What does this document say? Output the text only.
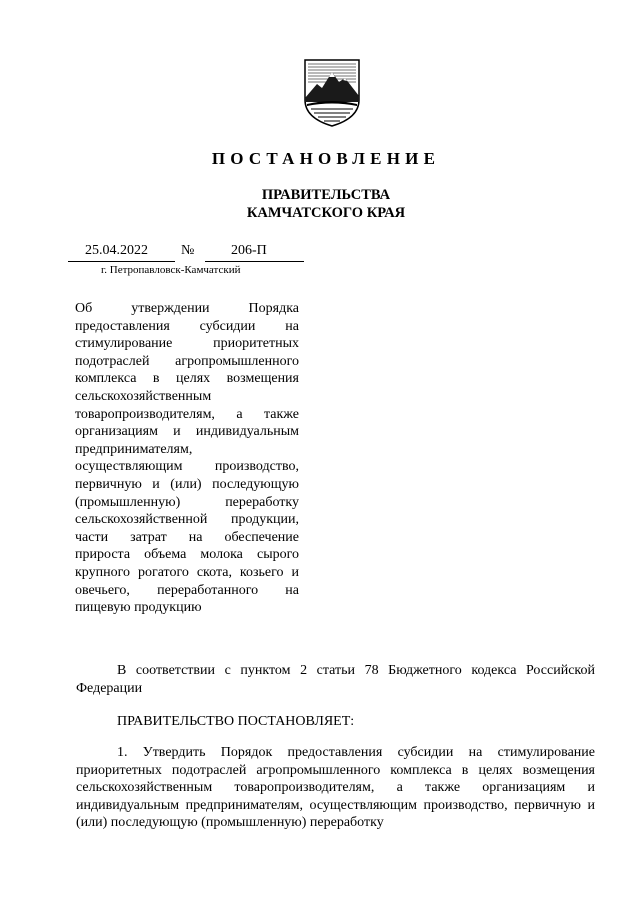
ПОСТАНОВЛЕНИЕ
ПРАВИТЕЛЬСТВА
КАМЧАТСКОГО КРАЯ
25.04.2022 №	206-П
г. Петропавловск-Камчатский
Об утверждении Порядка предоставления субсидии на стимулирование приоритетных подотраслей агропромышленного комплекса в целях возмещения сельскохозяйственным товаропроизводителям, а также организациям и индивидуальным предпринимателям, осуществляющим производство, первичную и (или) последующую (промышленную) переработку сельскохозяйственной продукции, части затрат на обеспечение прироста объема молока сырого крупного рогатого скота, козьего и овечьего, переработанного на пищевую продукцию
В соответствии с пунктом 2 статьи 78 Бюджетного кодекса Российской Федерации
ПРАВИТЕЛЬСТВО ПОСТАНОВЛЯЕТ:
1. Утвердить Порядок предоставления субсидии на стимулирование приоритетных подотраслей агропромышленного комплекса в целях возмещения сельскохозяйственным товаропроизводителям, а также организациям и индивидуальным предпринимателям, осуществляющим производство, первичную и (или) последующую (промышленную) переработку
